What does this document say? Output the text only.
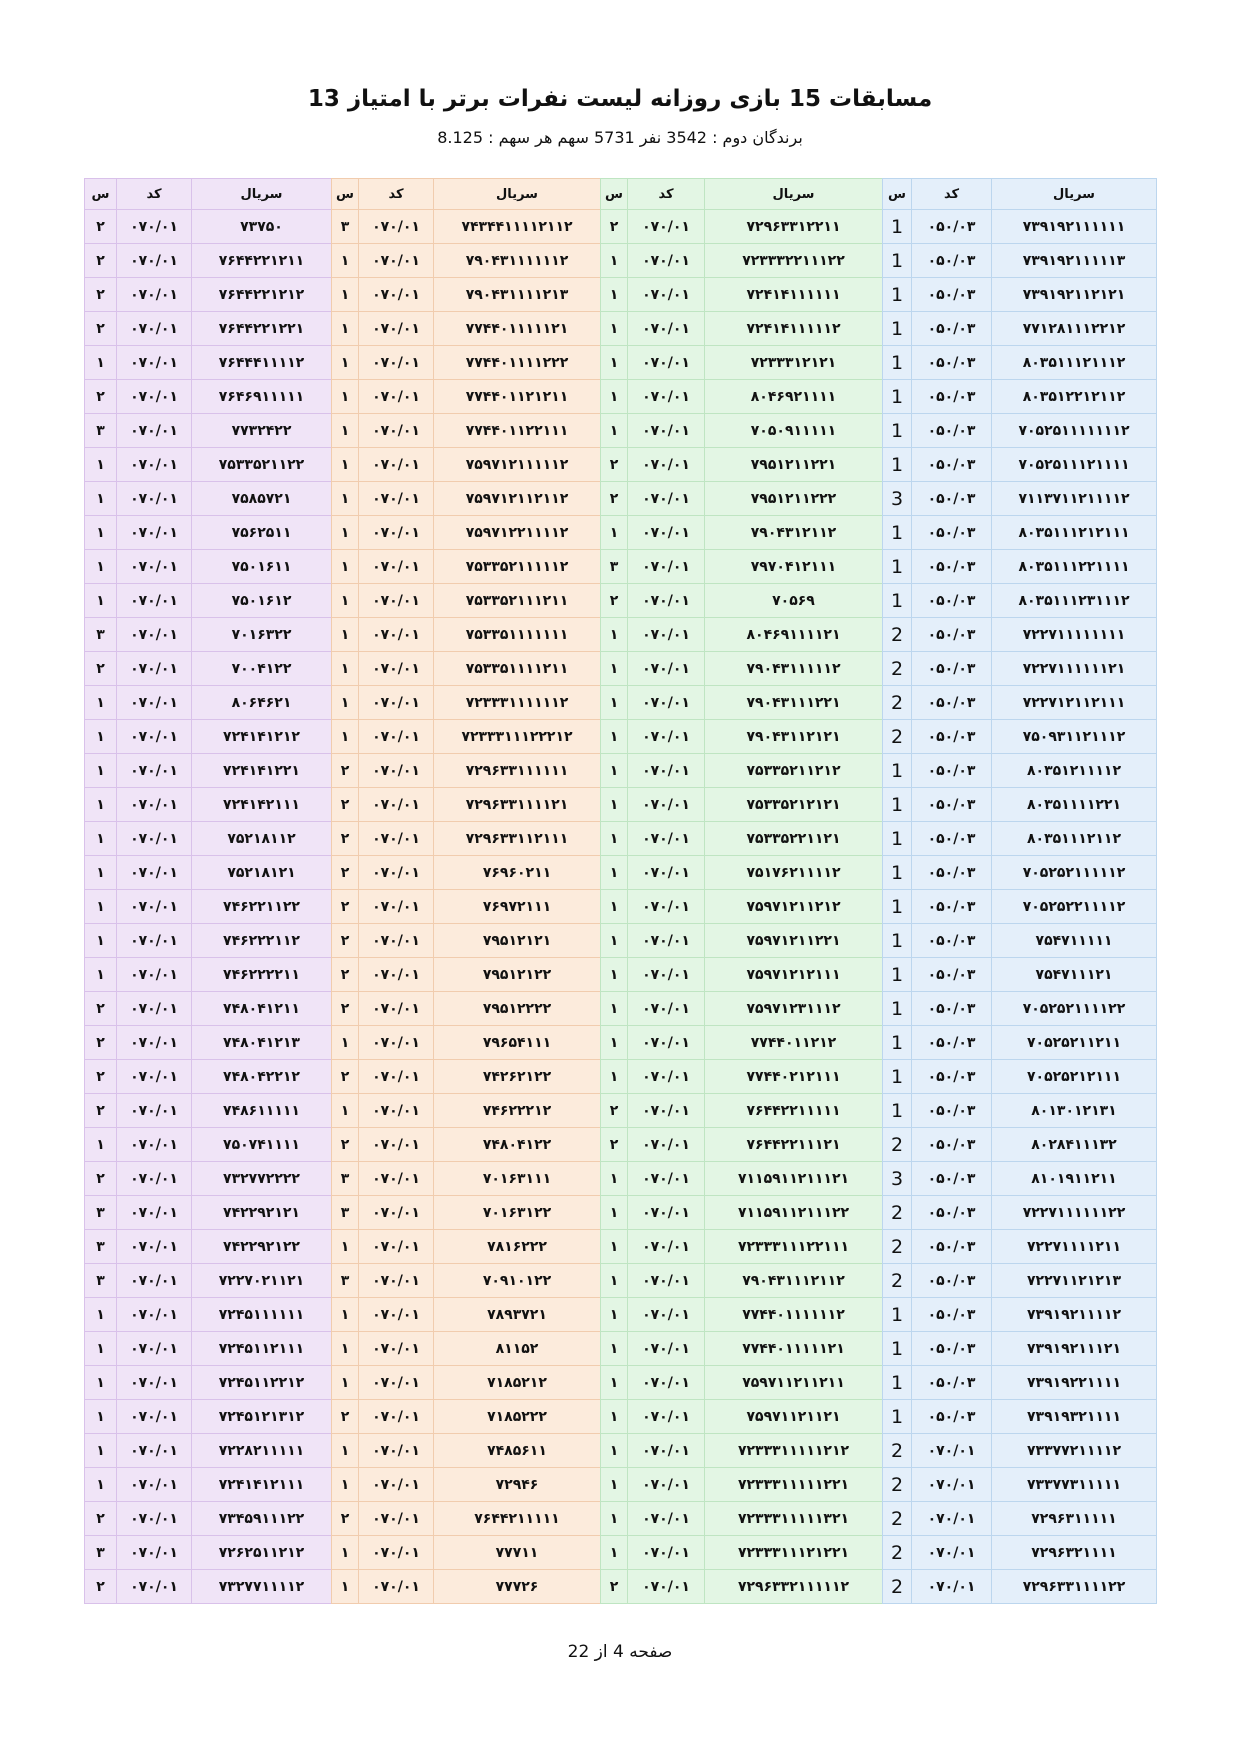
مسابقات 15 بازی روزانه لیست نفرات برتر با امتیاز 13
برندگان دوم : 3542 نفر 5731 سهم هر سهم : 8.125
سریال	کد	س	سریال	کد	س	سریال	کد	س	سریال	کد	س
۷۳۹۱۹۲۱۱۱۱۱۱	۰۵۰/۰۳	1	۷۲۹۶۳۳۱۲۲۱۱	۰۷۰/۰۱	۲	۷۴۳۴۴۱۱۱۱۲۱۱۲	۰۷۰/۰۱	۳	۷۳۷۵۰	۰۷۰/۰۱	۲
۷۳۹۱۹۲۱۱۱۱۱۳	۰۵۰/۰۳	1	۷۲۳۳۳۲۲۱۱۱۲۲	۰۷۰/۰۱	۱	۷۹۰۴۳۱۱۱۱۱۱۲	۰۷۰/۰۱	۱	۷۶۴۴۲۲۱۲۱۱	۰۷۰/۰۱	۲
۷۳۹۱۹۲۱۱۲۱۲۱	۰۵۰/۰۳	1	۷۲۴۱۴۱۱۱۱۱۱	۰۷۰/۰۱	۱	۷۹۰۴۳۱۱۱۱۲۱۳	۰۷۰/۰۱	۱	۷۶۴۴۲۲۱۲۱۲	۰۷۰/۰۱	۲
۷۷۱۲۸۱۱۱۲۲۱۲	۰۵۰/۰۳	1	۷۲۴۱۴۱۱۱۱۱۲	۰۷۰/۰۱	۱	۷۷۴۴۰۱۱۱۱۱۲۱	۰۷۰/۰۱	۱	۷۶۴۴۲۲۱۲۲۱	۰۷۰/۰۱	۲
۸۰۳۵۱۱۱۲۱۱۱۲	۰۵۰/۰۳	1	۷۲۳۳۳۱۲۱۲۱	۰۷۰/۰۱	۱	۷۷۴۴۰۱۱۱۱۲۲۲	۰۷۰/۰۱	۱	۷۶۴۴۴۱۱۱۱۲	۰۷۰/۰۱	۱
۸۰۳۵۱۲۲۱۲۱۱۲	۰۵۰/۰۳	1	۸۰۴۶۹۲۱۱۱۱	۰۷۰/۰۱	۱	۷۷۴۴۰۱۱۲۱۲۱۱	۰۷۰/۰۱	۱	۷۶۴۶۹۱۱۱۱۱	۰۷۰/۰۱	۲
۷۰۵۲۵۱۱۱۱۱۱۱۲	۰۵۰/۰۳	1	۷۰۵۰۹۱۱۱۱۱	۰۷۰/۰۱	۱	۷۷۴۴۰۱۱۲۲۱۱۱	۰۷۰/۰۱	۱	۷۷۳۲۴۲۲	۰۷۰/۰۱	۳
۷۰۵۲۵۱۱۱۲۱۱۱۱	۰۵۰/۰۳	1	۷۹۵۱۲۱۱۲۲۱	۰۷۰/۰۱	۲	۷۵۹۷۱۲۱۱۱۱۱۲	۰۷۰/۰۱	۱	۷۵۳۳۵۲۱۱۲۲	۰۷۰/۰۱	۱
۷۱۱۳۷۱۱۲۱۱۱۱۲	۰۵۰/۰۳	3	۷۹۵۱۲۱۱۲۲۲	۰۷۰/۰۱	۲	۷۵۹۷۱۲۱۱۲۱۱۲	۰۷۰/۰۱	۱	۷۵۸۵۷۲۱	۰۷۰/۰۱	۱
۸۰۳۵۱۱۱۲۱۲۱۱۱	۰۵۰/۰۳	1	۷۹۰۴۳۱۲۱۱۲	۰۷۰/۰۱	۱	۷۵۹۷۱۲۲۱۱۱۱۲	۰۷۰/۰۱	۱	۷۵۶۲۵۱۱	۰۷۰/۰۱	۱
۸۰۳۵۱۱۱۲۲۱۱۱۱	۰۵۰/۰۳	1	۷۹۷۰۴۱۲۱۱۱	۰۷۰/۰۱	۳	۷۵۳۳۵۲۱۱۱۱۱۲	۰۷۰/۰۱	۱	۷۵۰۱۶۱۱	۰۷۰/۰۱	۱
۸۰۳۵۱۱۱۲۳۱۱۱۲	۰۵۰/۰۳	1	۷۰۵۶۹	۰۷۰/۰۱	۲	۷۵۳۳۵۲۱۱۱۲۱۱	۰۷۰/۰۱	۱	۷۵۰۱۶۱۲	۰۷۰/۰۱	۱
۷۲۲۷۱۱۱۱۱۱۱۱	۰۵۰/۰۳	2	۸۰۴۶۹۱۱۱۱۲۱	۰۷۰/۰۱	۱	۷۵۳۳۵۱۱۱۱۱۱۱	۰۷۰/۰۱	۱	۷۰۱۶۳۲۲	۰۷۰/۰۱	۳
۷۲۲۷۱۱۱۱۱۱۲۱	۰۵۰/۰۳	2	۷۹۰۴۳۱۱۱۱۱۲	۰۷۰/۰۱	۱	۷۵۳۳۵۱۱۱۱۲۱۱	۰۷۰/۰۱	۱	۷۰۰۴۱۲۲	۰۷۰/۰۱	۲
۷۲۲۷۱۲۱۱۲۱۱۱	۰۵۰/۰۳	2	۷۹۰۴۳۱۱۱۲۲۱	۰۷۰/۰۱	۱	۷۲۳۳۳۱۱۱۱۱۱۲	۰۷۰/۰۱	۱	۸۰۶۴۶۲۱	۰۷۰/۰۱	۱
۷۵۰۹۳۱۱۲۱۱۱۲	۰۵۰/۰۳	2	۷۹۰۴۳۱۱۲۱۲۱	۰۷۰/۰۱	۱	۷۲۳۳۳۱۱۱۲۲۲۱۲	۰۷۰/۰۱	۱	۷۲۴۱۴۱۲۱۲	۰۷۰/۰۱	۱
۸۰۳۵۱۲۱۱۱۱۲	۰۵۰/۰۳	1	۷۵۳۳۵۲۱۱۲۱۲	۰۷۰/۰۱	۱	۷۲۹۶۳۳۱۱۱۱۱۱	۰۷۰/۰۱	۲	۷۲۴۱۴۱۲۲۱	۰۷۰/۰۱	۱
۸۰۳۵۱۱۱۱۲۲۱	۰۵۰/۰۳	1	۷۵۳۳۵۲۱۲۱۲۱	۰۷۰/۰۱	۱	۷۲۹۶۳۳۱۱۱۱۲۱	۰۷۰/۰۱	۲	۷۲۴۱۴۲۱۱۱	۰۷۰/۰۱	۱
۸۰۳۵۱۱۱۲۱۱۲	۰۵۰/۰۳	1	۷۵۳۳۵۲۲۱۱۲۱	۰۷۰/۰۱	۱	۷۲۹۶۳۳۱۱۲۱۱۱	۰۷۰/۰۱	۲	۷۵۲۱۸۱۱۲	۰۷۰/۰۱	۱
۷۰۵۲۵۲۱۱۱۱۱۲	۰۵۰/۰۳	1	۷۵۱۷۶۲۱۱۱۱۲	۰۷۰/۰۱	۱	۷۶۹۶۰۲۱۱	۰۷۰/۰۱	۲	۷۵۲۱۸۱۲۱	۰۷۰/۰۱	۱
۷۰۵۲۵۲۲۱۱۱۱۲	۰۵۰/۰۳	1	۷۵۹۷۱۲۱۱۲۱۲	۰۷۰/۰۱	۱	۷۶۹۷۲۱۱۱	۰۷۰/۰۱	۲	۷۴۶۲۲۱۱۲۲	۰۷۰/۰۱	۱
۷۵۴۷۱۱۱۱۱	۰۵۰/۰۳	1	۷۵۹۷۱۲۱۱۲۲۱	۰۷۰/۰۱	۱	۷۹۵۱۲۱۲۱	۰۷۰/۰۱	۲	۷۴۶۲۲۲۱۱۲	۰۷۰/۰۱	۱
۷۵۴۷۱۱۱۲۱	۰۵۰/۰۳	1	۷۵۹۷۱۲۱۲۱۱۱	۰۷۰/۰۱	۱	۷۹۵۱۲۱۲۲	۰۷۰/۰۱	۲	۷۴۶۲۲۲۲۱۱	۰۷۰/۰۱	۱
۷۰۵۲۵۲۱۱۱۱۲۲	۰۵۰/۰۳	1	۷۵۹۷۱۲۳۱۱۱۲	۰۷۰/۰۱	۱	۷۹۵۱۲۲۲۲	۰۷۰/۰۱	۲	۷۴۸۰۴۱۲۱۱	۰۷۰/۰۱	۲
۷۰۵۲۵۲۱۱۲۱۱	۰۵۰/۰۳	1	۷۷۴۴۰۱۱۲۱۲	۰۷۰/۰۱	۱	۷۹۶۵۴۱۱۱	۰۷۰/۰۱	۱	۷۴۸۰۴۱۲۱۳	۰۷۰/۰۱	۲
۷۰۵۲۵۲۱۲۱۱۱	۰۵۰/۰۳	1	۷۷۴۴۰۲۱۲۱۱۱	۰۷۰/۰۱	۱	۷۴۲۶۲۱۲۲	۰۷۰/۰۱	۲	۷۴۸۰۴۲۲۱۲	۰۷۰/۰۱	۲
۸۰۱۳۰۱۲۱۳۱	۰۵۰/۰۳	1	۷۶۴۴۲۲۱۱۱۱۱	۰۷۰/۰۱	۲	۷۴۶۲۲۲۱۲	۰۷۰/۰۱	۱	۷۴۸۶۱۱۱۱۱	۰۷۰/۰۱	۲
۸۰۲۸۴۱۱۱۳۲	۰۵۰/۰۳	2	۷۶۴۴۲۲۱۱۱۲۱	۰۷۰/۰۱	۲	۷۴۸۰۴۱۲۲	۰۷۰/۰۱	۲	۷۵۰۷۴۱۱۱۱	۰۷۰/۰۱	۱
۸۱۰۱۹۱۱۲۱۱	۰۵۰/۰۳	3	۷۱۱۵۹۱۱۲۱۱۱۲۱	۰۷۰/۰۱	۱	۷۰۱۶۳۱۱۱	۰۷۰/۰۱	۳	۷۳۲۷۷۲۲۲۲	۰۷۰/۰۱	۲
۷۲۲۷۱۱۱۱۱۱۲۲	۰۵۰/۰۳	2	۷۱۱۵۹۱۱۲۱۱۱۲۲	۰۷۰/۰۱	۱	۷۰۱۶۳۱۲۲	۰۷۰/۰۱	۳	۷۴۲۲۹۲۱۲۱	۰۷۰/۰۱	۳
۷۲۲۷۱۱۱۱۲۱۱	۰۵۰/۰۳	2	۷۲۳۳۳۱۱۱۲۲۱۱۱	۰۷۰/۰۱	۱	۷۸۱۶۲۲۲	۰۷۰/۰۱	۱	۷۴۲۲۹۲۱۲۲	۰۷۰/۰۱	۳
۷۲۲۷۱۱۲۱۲۱۳	۰۵۰/۰۳	2	۷۹۰۴۳۱۱۱۲۱۱۲	۰۷۰/۰۱	۱	۷۰۹۱۰۱۲۲	۰۷۰/۰۱	۳	۷۲۲۷۰۲۱۱۲۱	۰۷۰/۰۱	۳
۷۳۹۱۹۲۱۱۱۱۲	۰۵۰/۰۳	1	۷۷۴۴۰۱۱۱۱۱۱۲	۰۷۰/۰۱	۱	۷۸۹۳۷۲۱	۰۷۰/۰۱	۱	۷۲۴۵۱۱۱۱۱۱	۰۷۰/۰۱	۱
۷۳۹۱۹۲۱۱۱۲۱	۰۵۰/۰۳	1	۷۷۴۴۰۱۱۱۱۱۲۱	۰۷۰/۰۱	۱	۸۱۱۵۲	۰۷۰/۰۱	۱	۷۲۴۵۱۱۲۱۱۱	۰۷۰/۰۱	۱
۷۳۹۱۹۲۲۱۱۱۱	۰۵۰/۰۳	1	۷۵۹۷۱۱۲۱۱۲۱۱	۰۷۰/۰۱	۱	۷۱۸۵۲۱۲	۰۷۰/۰۱	۱	۷۲۴۵۱۱۲۲۱۲	۰۷۰/۰۱	۱
۷۳۹۱۹۳۲۱۱۱۱	۰۵۰/۰۳	1	۷۵۹۷۱۱۲۱۱۲۱	۰۷۰/۰۱	۱	۷۱۸۵۲۲۲	۰۷۰/۰۱	۲	۷۲۴۵۱۲۱۳۱۲	۰۷۰/۰۱	۱
۷۳۳۷۷۲۱۱۱۱۲	۰۷۰/۰۱	2	۷۲۳۳۳۱۱۱۱۱۲۱۲	۰۷۰/۰۱	۱	۷۴۸۵۶۱۱	۰۷۰/۰۱	۱	۷۲۲۸۲۱۱۱۱۱	۰۷۰/۰۱	۱
۷۳۳۷۷۳۱۱۱۱۱	۰۷۰/۰۱	2	۷۲۳۳۳۱۱۱۱۱۲۲۱	۰۷۰/۰۱	۱	۷۲۹۴۶	۰۷۰/۰۱	۱	۷۲۴۱۴۱۲۱۱۱	۰۷۰/۰۱	۱
۷۲۹۶۳۱۱۱۱۱	۰۷۰/۰۱	2	۷۲۳۳۳۱۱۱۱۱۳۲۱	۰۷۰/۰۱	۱	۷۶۴۴۲۱۱۱۱۱	۰۷۰/۰۱	۲	۷۳۴۵۹۱۱۱۲۲	۰۷۰/۰۱	۲
۷۲۹۶۳۲۱۱۱۱	۰۷۰/۰۱	2	۷۲۳۳۳۱۱۱۲۱۲۲۱	۰۷۰/۰۱	۱	۷۷۷۱۱	۰۷۰/۰۱	۱	۷۲۶۲۵۱۱۲۱۲	۰۷۰/۰۱	۳
۷۲۹۶۳۳۱۱۱۱۲۲	۰۷۰/۰۱	2	۷۲۹۶۳۳۲۱۱۱۱۱۲	۰۷۰/۰۱	۲	۷۷۷۲۶	۰۷۰/۰۱	۱	۷۳۲۷۷۱۱۱۱۲	۰۷۰/۰۱	۲
صفحه 4 از 22
